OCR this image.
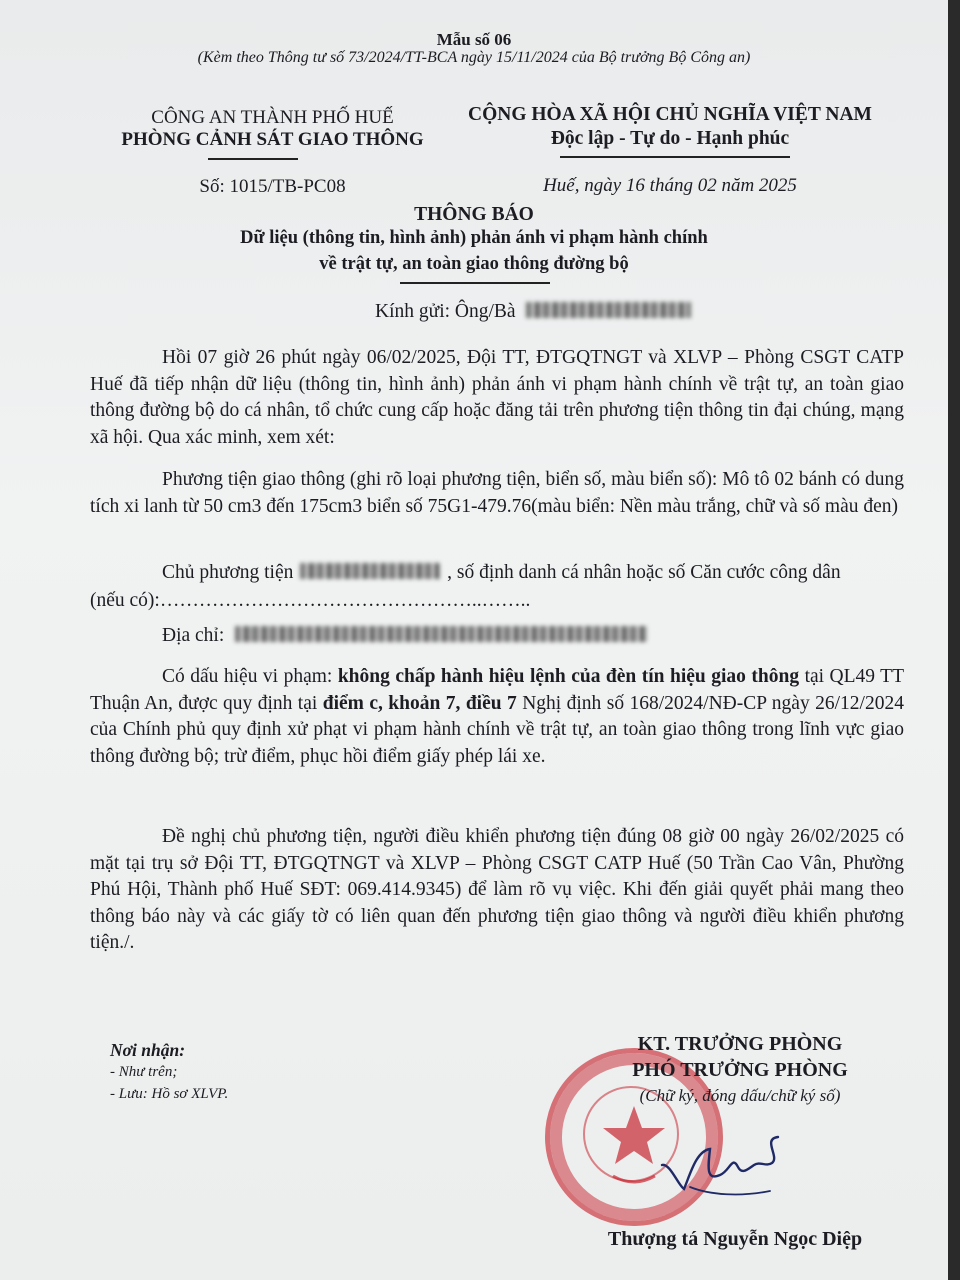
Mẫu số 06
(Kèm theo Thông tư số 73/2024/TT-BCA ngày 15/11/2024 của Bộ trưởng Bộ Công an)
CÔNG AN THÀNH PHỐ HUẾ
PHÒNG CẢNH SÁT GIAO THÔNG
Số: 1015/TB-PC08
CỘNG HÒA XÃ HỘI CHỦ NGHĨA VIỆT NAM
Độc lập - Tự do - Hạnh phúc
Huế, ngày 16 tháng 02 năm 2025
THÔNG BÁO
Dữ liệu (thông tin, hình ảnh) phản ánh vi phạm hành chính
về trật tự, an toàn giao thông đường bộ
Kính gửi: Ông/Bà
Hồi 07 giờ 26 phút ngày 06/02/2025, Đội TT, ĐTGQTNGT và XLVP – Phòng CSGT CATP Huế đã tiếp nhận dữ liệu (thông tin, hình ảnh) phản ánh vi phạm hành chính về trật tự, an toàn giao thông đường bộ do cá nhân, tổ chức cung cấp hoặc đăng tải trên phương tiện thông tin đại chúng, mạng xã hội. Qua xác minh, xem xét:
Phương tiện giao thông (ghi rõ loại phương tiện, biển số, màu biển số): Mô tô 02 bánh có dung tích xi lanh từ 50 cm3 đến 175cm3 biển số 75G1-479.76(màu biển: Nền màu trắng, chữ và số màu đen)
Chủ phương tiện	, số định danh cá nhân hoặc số Căn cước công dân
(nếu có):…………………………………………..……..
Địa chỉ:
Có dấu hiệu vi phạm: không chấp hành hiệu lệnh của đèn tín hiệu giao thông tại QL49 TT Thuận An, được quy định tại điểm c, khoản 7, điều 7 Nghị định số 168/2024/NĐ-CP ngày 26/12/2024 của Chính phủ quy định xử phạt vi phạm hành chính về trật tự, an toàn giao thông trong lĩnh vực giao thông đường bộ; trừ điểm, phục hồi điểm giấy phép lái xe.
Đề nghị chủ phương tiện, người điều khiển phương tiện đúng 08 giờ 00 ngày 26/02/2025 có mặt tại trụ sở Đội TT, ĐTGQTNGT và XLVP – Phòng CSGT CATP Huế (50 Trần Cao Vân, Phường Phú Hội, Thành phố Huế SĐT: 069.414.9345) để làm rõ vụ việc. Khi đến giải quyết phải mang theo thông báo này và các giấy tờ có liên quan đến phương tiện giao thông và người điều khiển phương tiện./.
Nơi nhận:
- Như trên;
- Lưu: Hồ sơ XLVP.
KT. TRƯỞNG PHÒNG
PHÓ TRƯỞNG PHÒNG
(Chữ ký, đóng dấu/chữ ký số)
Thượng tá Nguyễn Ngọc Diệp
